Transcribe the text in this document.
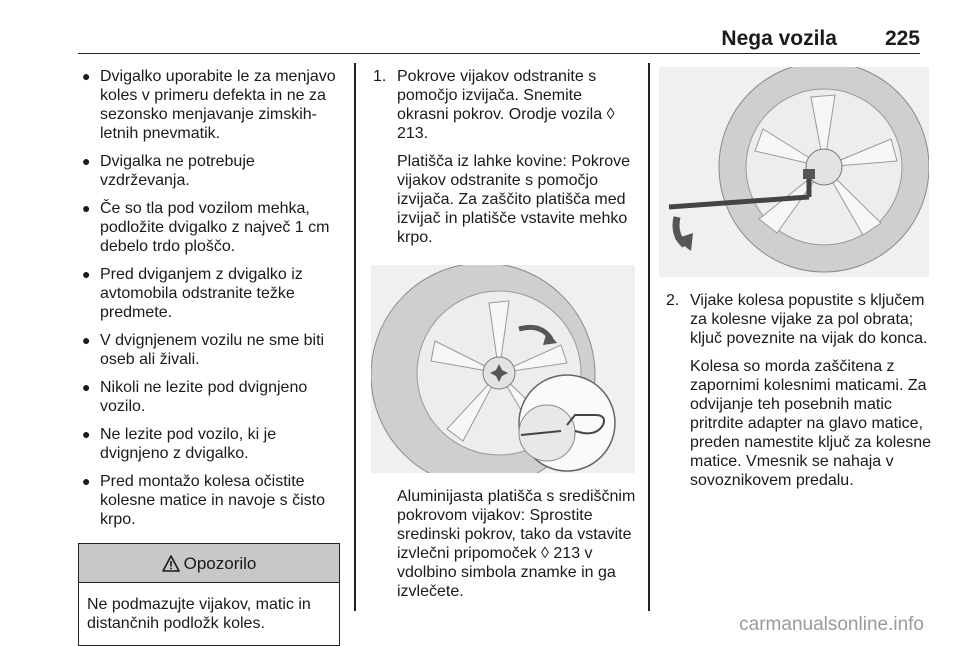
Nega vozila 225
● Dvigalko uporabite le za menjavo koles v primeru defekta in ne za sezonsko menjavanje zimskih-letnih pnevmatik.
● Dvigalka ne potrebuje vzdrževanja.
● Če so tla pod vozilom mehka, podložite dvigalko z največ 1 cm debelo trdo ploščo.
● Pred dviganjem z dvigalko iz avtomobila odstranite težke predmete.
● V dvignjenem vozilu ne sme biti oseb ali živali.
● Nikoli ne lezite pod dvignjeno vozilo.
● Ne lezite pod vozilo, ki je dvignjeno z dvigalko.
● Pred montažo kolesa očistite kolesne matice in navoje s čisto krpo.
Opozorilo
Ne podmazujte vijakov, matic in distančnih podložk koles.
1. Pokrove vijakov odstranite s pomočjo izvijača. Snemite okrasni pokrov. Orodje vozila ◊ 213.
Platišča iz lahke kovine: Pokrove vijakov odstranite s pomočjo izvijača. Za zaščito platišča med izvijač in platišče vstavite mehko krpo.
Aluminijasta platišča s središčnim pokrovom vijakov: Sprostite sredinski pokrov, tako da vstavite izvlečni pripomoček ◊ 213 v vdolbino simbola znamke in ga izvlečete.
2. Vijake kolesa popustite s ključem za kolesne vijake za pol obrata; ključ poveznite na vijak do konca.
Kolesa so morda zaščitena z zapornimi kolesnimi maticami. Za odvijanje teh posebnih matic pritrdite adapter na glavo matice, preden namestite ključ za kolesne matice. Vmesnik se nahaja v sovoznikovem predalu.
carmanualsonline.info
